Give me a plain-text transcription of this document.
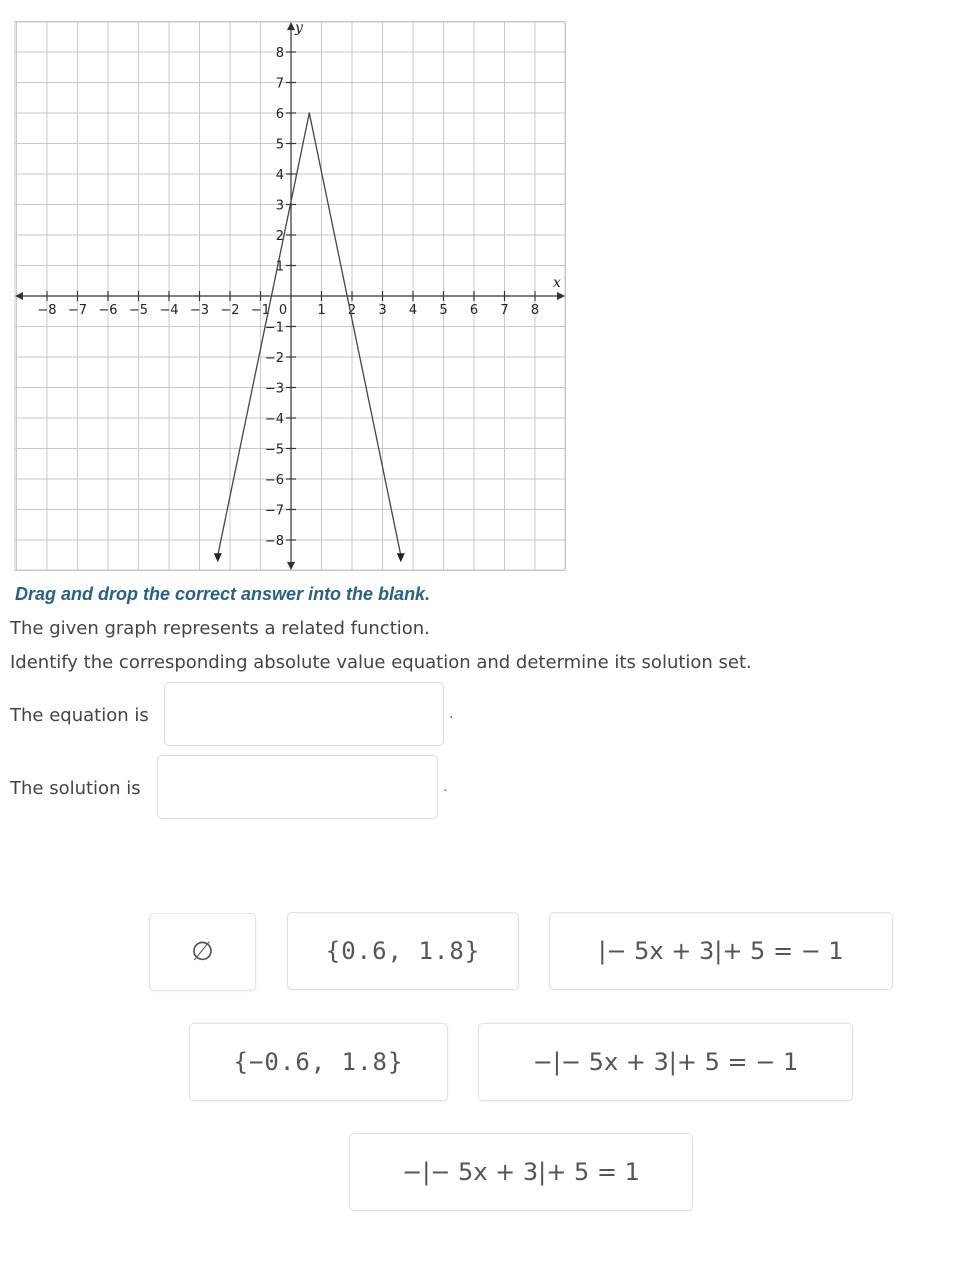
−8 −7 −6 −5 −4 −3 −2 −1 0 1 2 3 4 5 6 7 8
−8
−7
−6
−5
−4
−3
−2
−1
1
2
3
4
5
6
7
8
x
y
Drag and drop the correct answer into the blank.
The given graph represents a related function.
Identify the corresponding absolute value equation and determine its solution set.
The equation is	.
The solution is	.
∅	{0.6, 1.8}	|− 5x + 3|+ 5 = − 1
{−0.6, 1.8}	−|− 5x + 3|+ 5 = − 1
−|− 5x + 3|+ 5 = 1
